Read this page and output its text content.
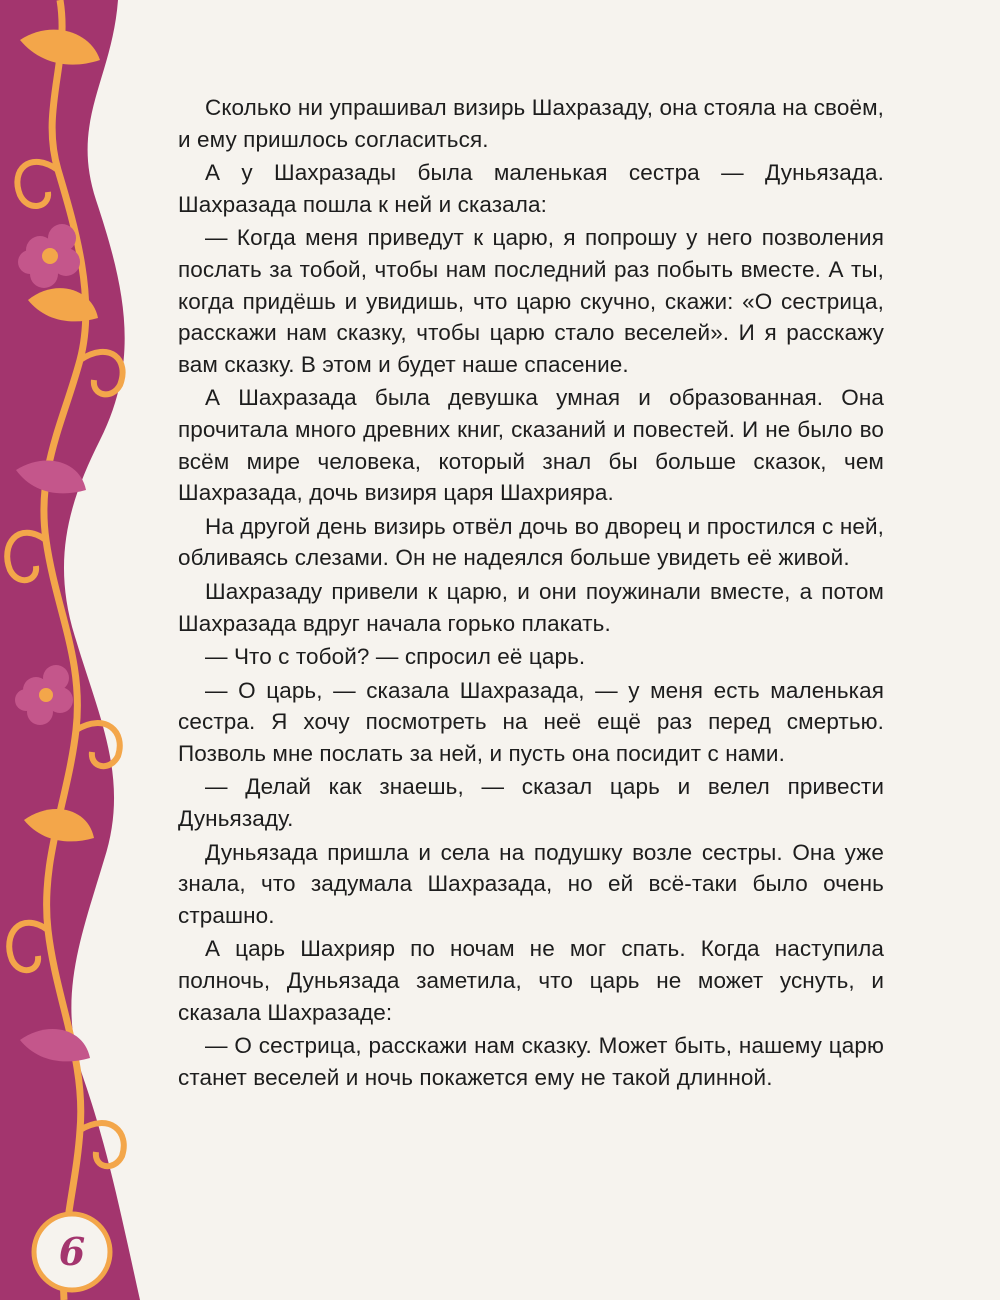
Сколько ни упрашивал визирь Шахразаду, она стояла на своём, и ему пришлось согласиться.

А у Шахразады была маленькая сестра — Дуньязада. Шахразада пошла к ней и сказала:

— Когда меня приведут к царю, я попрошу у него позволения послать за тобой, чтобы нам последний раз побыть вместе. А ты, когда придёшь и увидишь, что царю скучно, скажи: «О сестрица, расскажи нам сказку, чтобы царю стало веселей». И я расскажу вам сказку. В этом и будет наше спасение.

А Шахразада была девушка умная и образованная. Она прочитала много древних книг, сказаний и повестей. И не было во всём мире человека, который знал бы больше сказок, чем Шахразада, дочь визиря царя Шахрияра.

На другой день визирь отвёл дочь во дворец и простился с ней, обливаясь слезами. Он не надеялся больше увидеть её живой.

Шахразаду привели к царю, и они поужинали вместе, а потом Шахразада вдруг начала горько плакать.

— Что с тобой? — спросил её царь.

— О царь, — сказала Шахразада, — у меня есть маленькая сестра. Я хочу посмотреть на неё ещё раз перед смертью. Позволь мне послать за ней, и пусть она посидит с нами.

— Делай как знаешь, — сказал царь и велел привести Дуньязаду.

Дуньязада пришла и села на подушку возле сестры. Она уже знала, что задумала Шахразада, но ей всё-таки было очень страшно.

А царь Шахрияр по ночам не мог спать. Когда наступила полночь, Дуньязада заметила, что царь не может уснуть, и сказала Шахразаде:

— О сестрица, расскажи нам сказку. Может быть, нашему царю станет веселей и ночь покажется ему не такой длинной.

6
